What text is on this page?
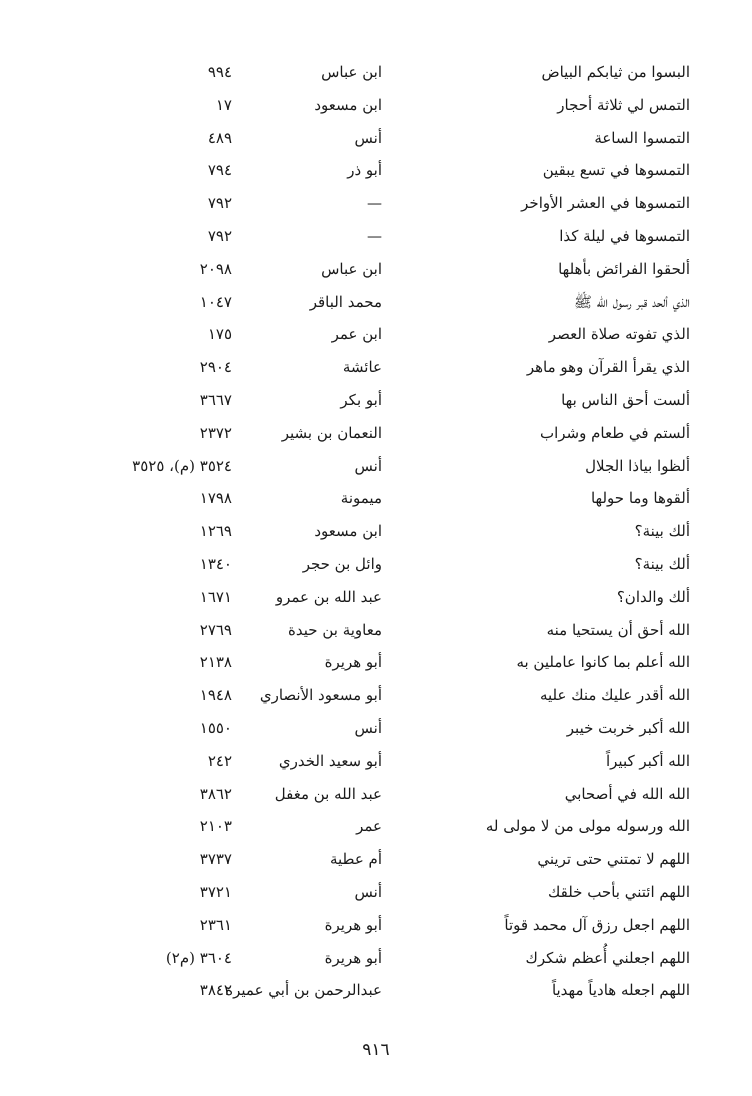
البسوا من ثيابكم البياض
ابن عباس
٩٩٤
التمس لي ثلاثة أحجار
ابن مسعود
١٧
التمسوا الساعة
أنس
٤٨٩
التمسوها في تسع يبقين
أبو ذر
٧٩٤
التمسوها في العشر الأواخر
—
٧٩٢
التمسوها في ليلة كذا
—
٧٩٢
ألحقوا الفرائض بأهلها
ابن عباس
٢٠٩٨
الذي ألحد قبر رسول الله ﷺ
محمد الباقر
١٠٤٧
الذي تفوته صلاة العصر
ابن عمر
١٧٥
الذي يقرأ القرآن وهو ماهر
عائشة
٢٩٠٤
ألست أحق الناس بها
أبو بكر
٣٦٦٧
ألستم في طعام وشراب
النعمان بن بشير
٢٣٧٢
ألظوا بياذا الجلال
أنس
٣٥٢٤ (م)، ٣٥٢٥
ألقوها وما حولها
ميمونة
١٧٩٨
ألك بينة؟
ابن مسعود
١٢٦٩
ألك بينة؟
وائل بن حجر
١٣٤٠
ألك والدان؟
عبد الله بن عمرو
١٦٧١
الله أحق أن يستحيا منه
معاوية بن حيدة
٢٧٦٩
الله أعلم بما كانوا عاملين به
أبو هريرة
٢١٣٨
الله أقدر عليك منك عليه
أبو مسعود الأنصاري
١٩٤٨
الله أكبر خربت خيبر
أنس
١٥٥٠
الله أكبر كبيراً
أبو سعيد الخدري
٢٤٢
الله الله في أصحابي
عبد الله بن مغفل
٣٨٦٢
الله ورسوله مولى من لا مولى له
عمر
٢١٠٣
اللهم لا تمتني حتى تريني
أم عطية
٣٧٣٧
اللهم ائتني بأحب خلقك
أنس
٣٧٢١
اللهم اجعل رزق آل محمد قوتاً
أبو هريرة
٢٣٦١
اللهم اجعلني أُعظم شكرك
أبو هريرة
٣٦٠٤ (م٢)
اللهم اجعله هادياً مهدياً
عبدالرحمن بن أبي عميرة
٣٨٤٢
٩١٦
